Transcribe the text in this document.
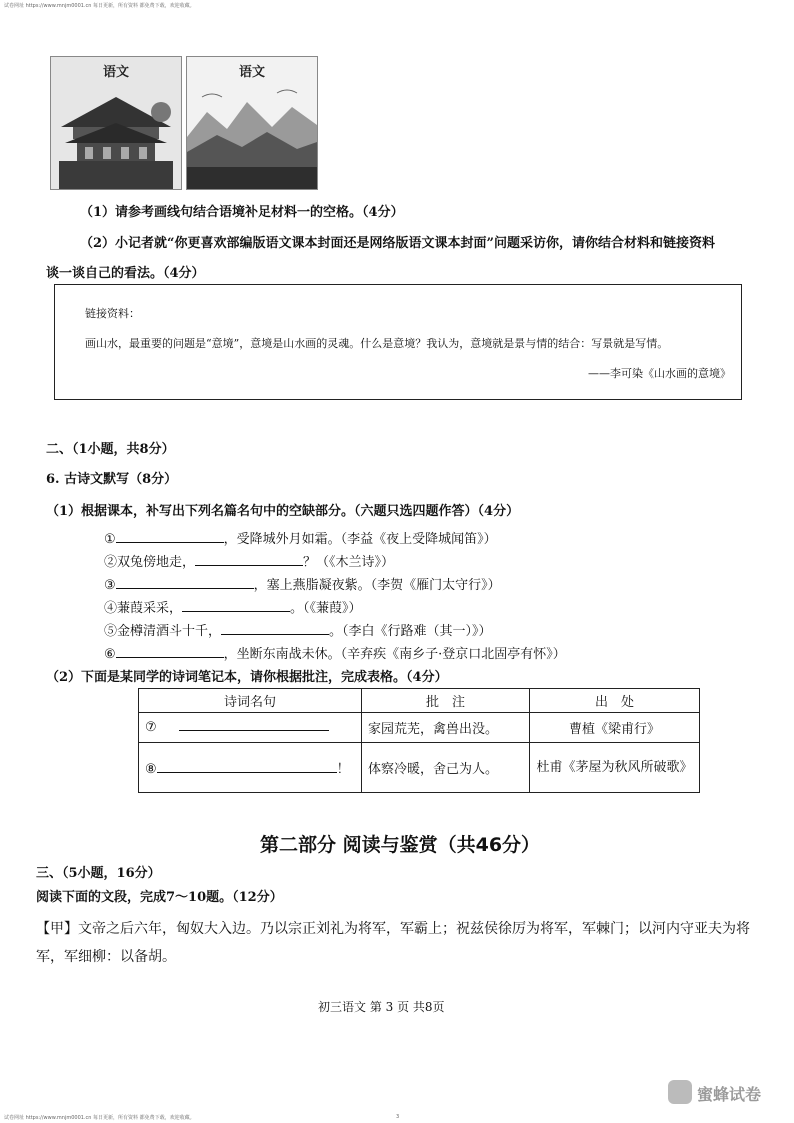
试卷网址 https://www.mnjm0001.cn 每日更新，所有资料 都免费下载，欢迎收藏。
语文	语文
（1）请参考画线句结合语境补足材料一的空格。（4分）
（2）小记者就“你更喜欢部编版语文课本封面还是网络版语文课本封面”问题采访你，请你结合材料和链接资料
谈一谈自己的看法。（4分）
链接资料：
画山水，最重要的问题是“意境”，意境是山水画的灵魂。什么是意境？我认为，意境就是景与情的结合：写景就是写情。
——李可染《山水画的意境》
二、（1小题，共8分）
6. 古诗文默写（8分）
（1）根据课本，补写出下列名篇名句中的空缺部分。（六题只选四题作答）（4分）
①	，受降城外月如霜。（李益《夜上受降城闻笛》）
②双兔傍地走，	？（《木兰诗》）
③	，塞上燕脂凝夜紫。（李贺《雁门太守行》）
④蒹葭采采，	。（《蒹葭》）
⑤金樽清酒斗十千，	。（李白《行路难（其一）》）
⑥	，坐断东南战未休。（辛弃疾《南乡子·登京口北固亭有怀》）
（2）下面是某同学的诗词笔记本，请你根据批注，完成表格。（4分）
诗词名句	批　注	出　处
⑦	家园荒芜，禽兽出没。	曹植《梁甫行》
⑧ ！	体察冷暖，舍己为人。	杜甫《茅屋为秋风所破歌》
第二部分 阅读与鉴赏（共46分）
三、（5小题，16分）
阅读下面的文段，完成7～10题。（12分）
【甲】文帝之后六年，匈奴大入边。乃以宗正刘礼为将军，军霸上；祝兹侯徐厉为将军，军棘门；以河内守亚夫为将
军，军细柳：以备胡。
初三语文 第 3 页 共8页
试卷网址 https://www.mnjm0001.cn 每日更新，所有资料 都免费下载，欢迎收藏。	3
蜜蜂试卷
